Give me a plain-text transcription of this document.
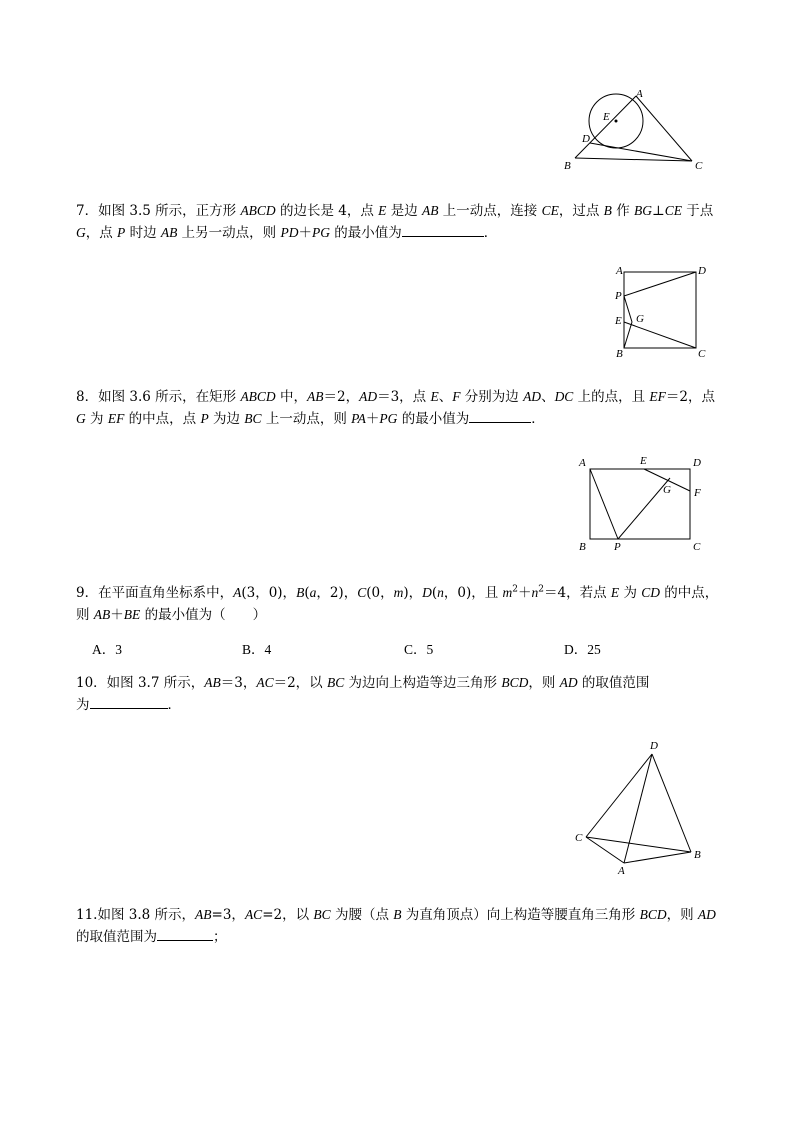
A
E
D
B	C

7．如图 3.5 所示，正方形 ABCD 的边长是 4，点 E 是边 AB 上一动点，连接 CE，过点 B 作 BG⊥CE 于点

G，点 P 时边 AB 上另一动点，则 PD＋PG 的最小值为	．

A	D
P
E G
B	C

8．如图 3.6 所示，在矩形 ABCD 中，AB＝2，AD＝3，点 E、F 分别为边 AD、DC 上的点，且 EF＝2，点

G 为 EF 的中点，点 P 为边 BC 上一动点，则 PA＋PG 的最小值为	．

A	E	D
G F
B	P	C

9．在平面直角坐标系中，A(3，0)，B(a，2)，C(0，m)，D(n，0)，且 $m^2+n^2=4$，若点 E 为 CD 的中点，

则 AB＋BE 的最小值为（　　）

A．3	B．4	C．5	D．25

10．如图 3.7 所示，AB＝3，AC＝2，以 BC 为边向上构造等边三角形 BCD，则 AD 的取值范围

为	．

D
C
B
A

11.如图 3.8 所示，AB=3，AC=2，以 BC 为腰（点 B 为直角顶点）向上构造等腰直角三角形 BCD，则 AD

的取值范围为	；
